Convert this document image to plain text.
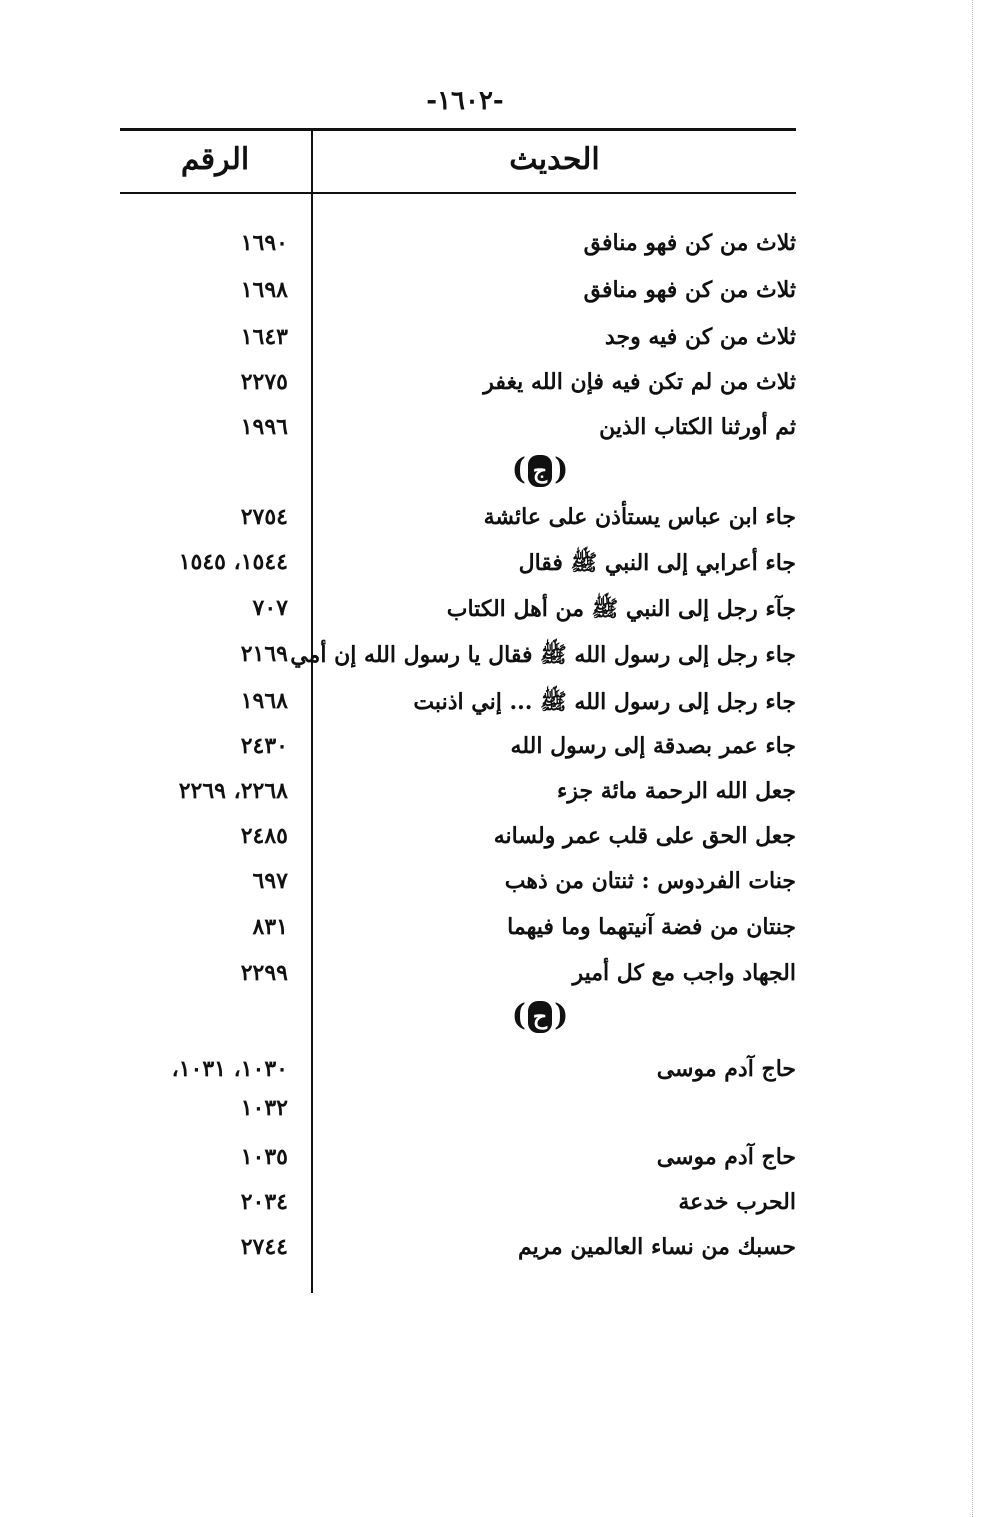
-١٦٠٢-
الحديث
الرقم
ثلاث من كن فهو منافق
١٦٩٠
ثلاث من كن فهو منافق
١٦٩٨
ثلاث من كن فيه وجد
١٦٤٣
ثلاث من لم تكن فيه فإن الله يغفر
٢٢٧٥
ثم أورثنا الكتاب الذين
١٩٩٦
(ج)
جاء ابن عباس يستأذن على عائشة
٢٧٥٤
جاء أعرابي إلى النبي ﷺ فقال
١٥٤٤، ١٥٤٥
جآء رجل إلى النبي ﷺ من أهل الكتاب
٧٠٧
جاء رجل إلى رسول الله ﷺ فقال يا رسول الله إن أمي
٢١٦٩
جاء رجل إلى رسول الله ﷺ ... إني اذنبت
١٩٦٨
جاء عمر بصدقة إلى رسول الله
٢٤٣٠
جعل الله الرحمة مائة جزء
٢٢٦٨، ٢٢٦٩
جعل الحق على قلب عمر ولسانه
٢٤٨٥
جنات الفردوس : ثنتان من ذهب
٦٩٧
جنتان من فضة آنيتهما وما فيهما
٨٣١
الجهاد واجب مع كل أمير
٢٢٩٩
(ح)
حاج آدم موسى
١٠٣٠، ١٠٣١،
١٠٣٢
حاج آدم موسى
١٠٣٥
الحرب خدعة
٢٠٣٤
حسبك من نساء العالمين مريم
٢٧٤٤
